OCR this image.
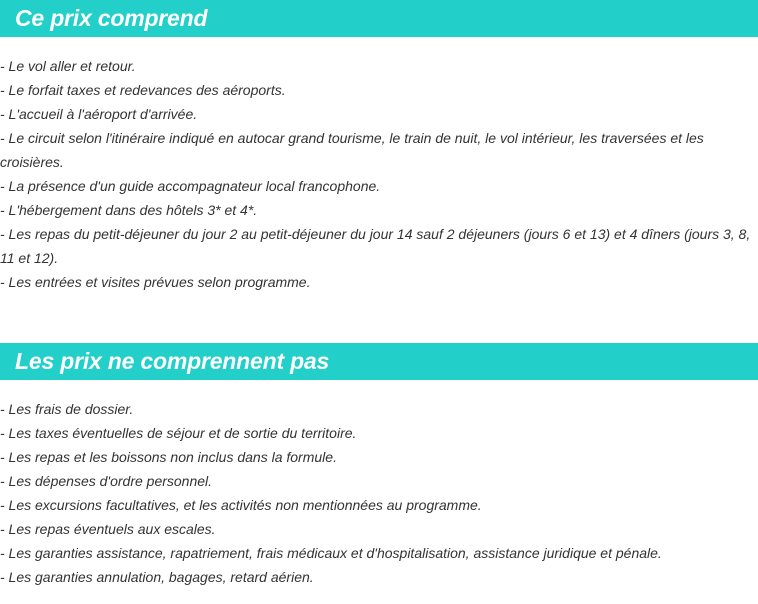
Ce prix comprend
- Le vol aller et retour.
- Le forfait taxes et redevances des aéroports.
- L'accueil à l'aéroport d'arrivée.
- Le circuit selon l'itinéraire indiqué en autocar grand tourisme, le train de nuit, le vol intérieur, les traversées et les croisières.
- La présence d'un guide accompagnateur local francophone.
- L'hébergement dans des hôtels 3* et 4*.
- Les repas du petit-déjeuner du jour 2 au petit-déjeuner du jour 14 sauf 2 déjeuners (jours 6 et 13) et 4 dîners (jours 3, 8, 11 et 12).
- Les entrées et visites prévues selon programme.
Les prix ne comprennent pas
- Les frais de dossier.
- Les taxes éventuelles de séjour et de sortie du territoire.
- Les repas et les boissons non inclus dans la formule.
- Les dépenses d'ordre personnel.
- Les excursions facultatives, et les activités non mentionnées au programme.
- Les repas éventuels aux escales.
- Les garanties assistance, rapatriement, frais médicaux et d'hospitalisation, assistance juridique et pénale.
- Les garanties annulation, bagages, retard aérien.
